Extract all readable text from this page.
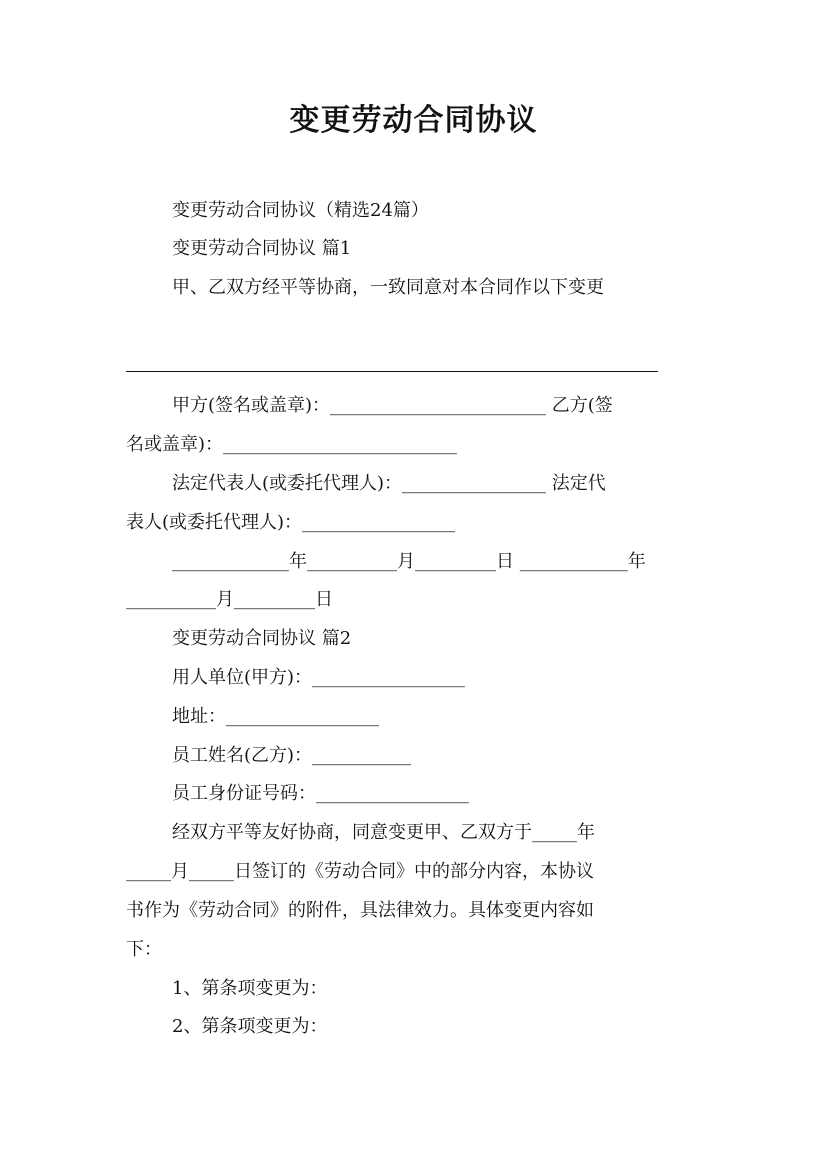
变更劳动合同协议
变更劳动合同协议（精选24篇）
变更劳动合同协议 篇1
甲、乙双方经平等协商，一致同意对本合同作以下变更
甲方(签名或盖章)：________________________ 乙方(签
名或盖章)：__________________________
法定代表人(或委托代理人)：________________ 法定代
表人(或委托代理人)：_________________
_____________年__________月_________日 ____________年
__________月_________日
变更劳动合同协议 篇2
用人单位(甲方)：_________________
地址：_________________
员工姓名(乙方)：___________
员工身份证号码：_________________
经双方平等友好协商，同意变更甲、乙双方于_____年
_____月_____日签订的《劳动合同》中的部分内容，本协议
书作为《劳动合同》的附件，具法律效力。具体变更内容如
下：
1、第条项变更为：
2、第条项变更为：
